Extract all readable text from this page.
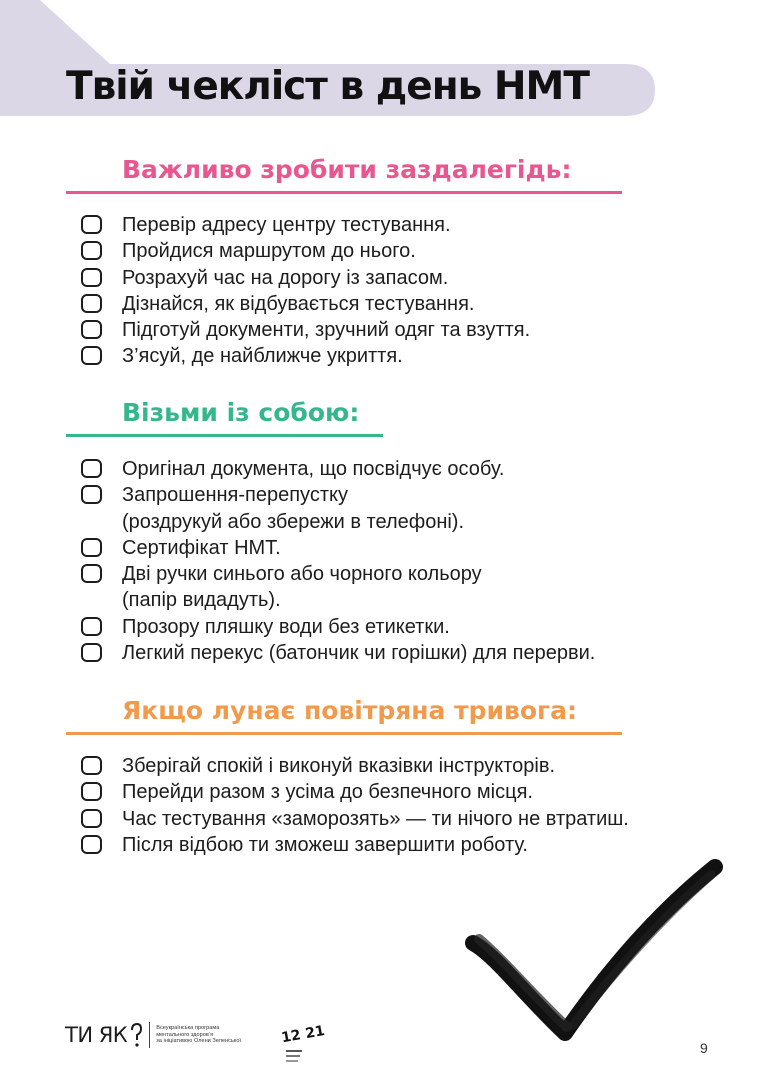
Твій чекліст в день НМТ
Важливо зробити заздалегідь:
Перевір адресу центру тестування.
Пройдися маршрутом до нього.
Розрахуй час на дорогу із запасом.
Дізнайся, як відбувається тестування.
Підготуй документи, зручний одяг та взуття.
З’ясуй, де найближче укриття.
Візьми із собою:
Оригінал документа, що посвідчує особу.
Запрошення-перепустку
(роздрукуй або збережи в телефоні).
Сертифікат НМТ.
Дві ручки синього або чорного кольору
(папір видадуть).
Прозору пляшку води без етикетки.
Легкий перекус (батончик чи горішки) для перерви.
Якщо лунає повітряна тривога:
Зберігай спокій і виконуй вказівки інструкторів.
Перейди разом з усіма до безпечного місця.
Час тестування «заморозять» — ти нічого не втратиш.
Після відбою ти зможеш завершити роботу.
ТИ ЯК	Всеукраїнська програма
ментального здоров’я
за ініціативою Олени Зеленської	12 21
9
